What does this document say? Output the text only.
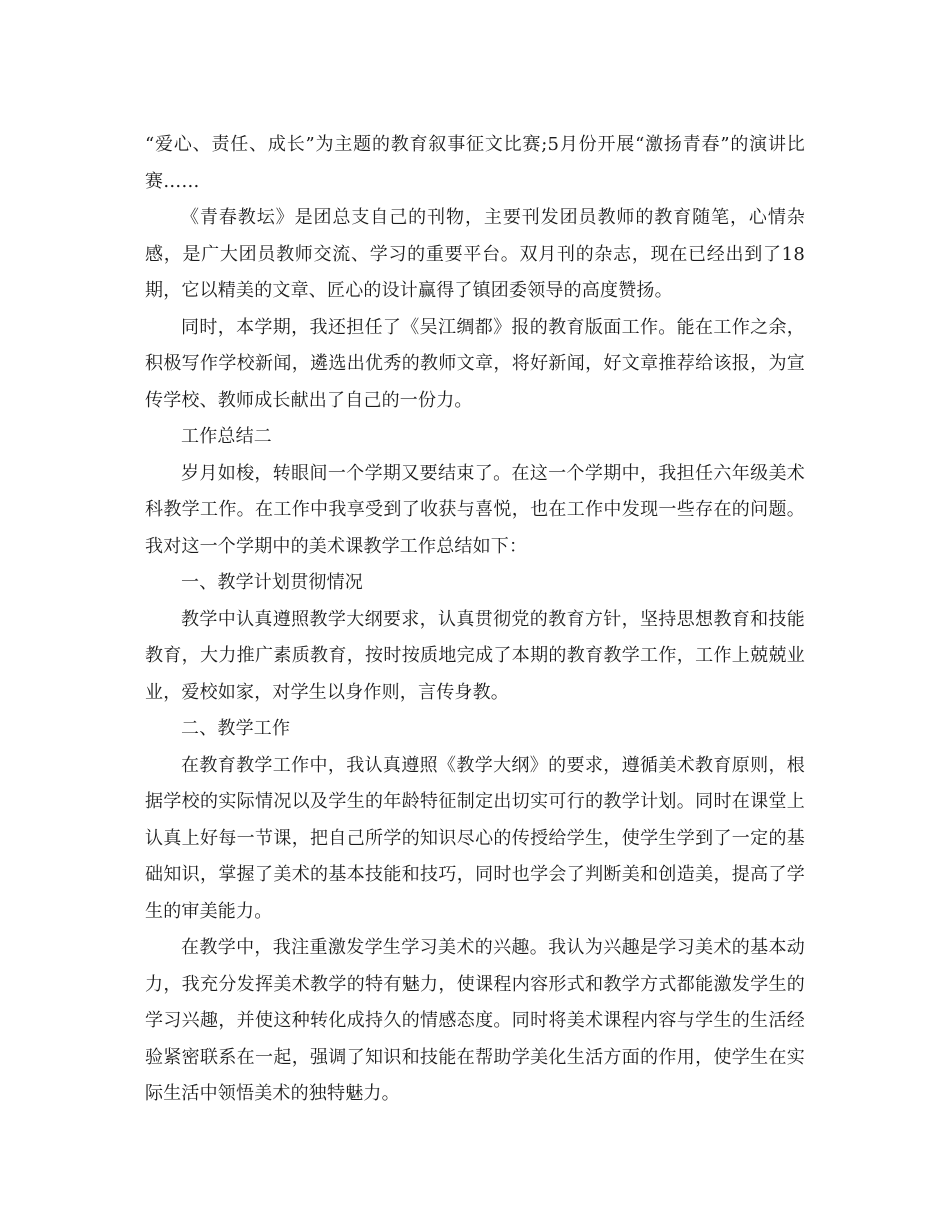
“爱心、责任、成长”为主题的教育叙事征文比赛;5月份开展“激扬青春”的演讲比赛……

《青春教坛》是团总支自己的刊物，主要刊发团员教师的教育随笔，心情杂感，是广大团员教师交流、学习的重要平台。双月刊的杂志，现在已经出到了18期，它以精美的文章、匠心的设计赢得了镇团委领导的高度赞扬。

同时，本学期，我还担任了《吴江绸都》报的教育版面工作。能在工作之余，积极写作学校新闻，遴选出优秀的教师文章，将好新闻，好文章推荐给该报，为宣传学校、教师成长献出了自己的一份力。

工作总结二

岁月如梭，转眼间一个学期又要结束了。在这一个学期中，我担任六年级美术科教学工作。在工作中我享受到了收获与喜悦，也在工作中发现一些存在的问题。我对这一个学期中的美术课教学工作总结如下：

一、教学计划贯彻情况

教学中认真遵照教学大纲要求，认真贯彻党的教育方针，坚持思想教育和技能教育，大力推广素质教育，按时按质地完成了本期的教育教学工作，工作上兢兢业业，爱校如家，对学生以身作则，言传身教。

二、教学工作

在教育教学工作中，我认真遵照《教学大纲》的要求，遵循美术教育原则，根据学校的实际情况以及学生的年龄特征制定出切实可行的教学计划。同时在课堂上认真上好每一节课，把自己所学的知识尽心的传授给学生，使学生学到了一定的基础知识，掌握了美术的基本技能和技巧，同时也学会了判断美和创造美，提高了学生的审美能力。

在教学中，我注重激发学生学习美术的兴趣。我认为兴趣是学习美术的基本动力，我充分发挥美术教学的特有魅力，使课程内容形式和教学方式都能激发学生的学习兴趣，并使这种转化成持久的情感态度。同时将美术课程内容与学生的生活经验紧密联系在一起，强调了知识和技能在帮助学美化生活方面的作用，使学生在实际生活中领悟美术的独特魅力。
